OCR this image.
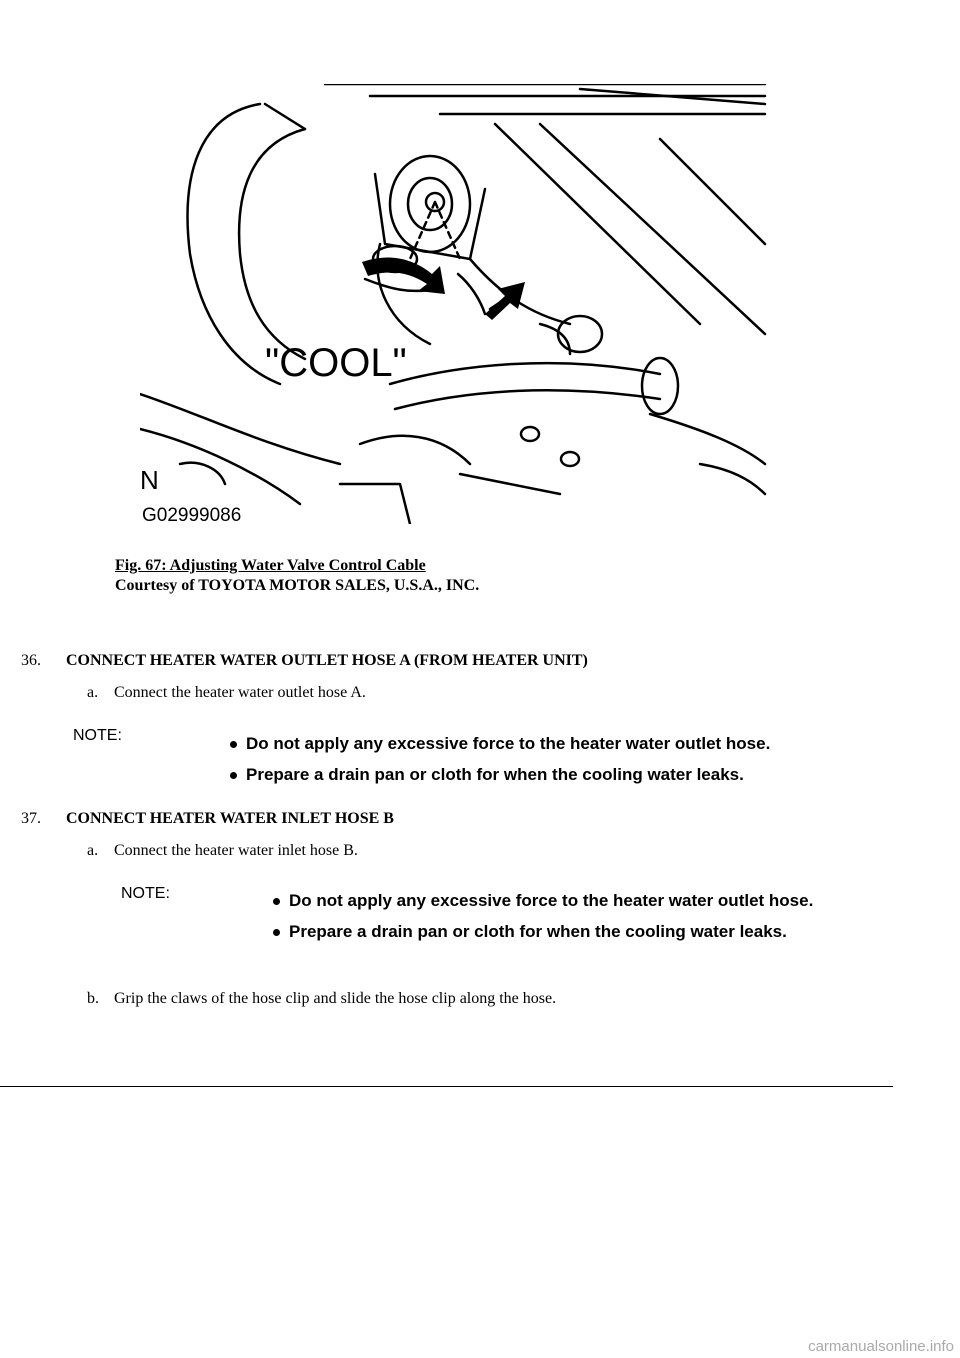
"COOL"
N
G02999086
Fig. 67: Adjusting Water Valve Control Cable
Courtesy of TOYOTA MOTOR SALES, U.S.A., INC.
36. CONNECT HEATER WATER OUTLET HOSE A (FROM HEATER UNIT)
a. Connect the heater water outlet hose A.
NOTE:	Do not apply any excessive force to the heater water outlet hose.
Prepare a drain pan or cloth for when the cooling water leaks.
37. CONNECT HEATER WATER INLET HOSE B
a. Connect the heater water inlet hose B.
NOTE:	Do not apply any excessive force to the heater water outlet hose.
Prepare a drain pan or cloth for when the cooling water leaks.
b. Grip the claws of the hose clip and slide the hose clip along the hose.
carmanualsonline.info
